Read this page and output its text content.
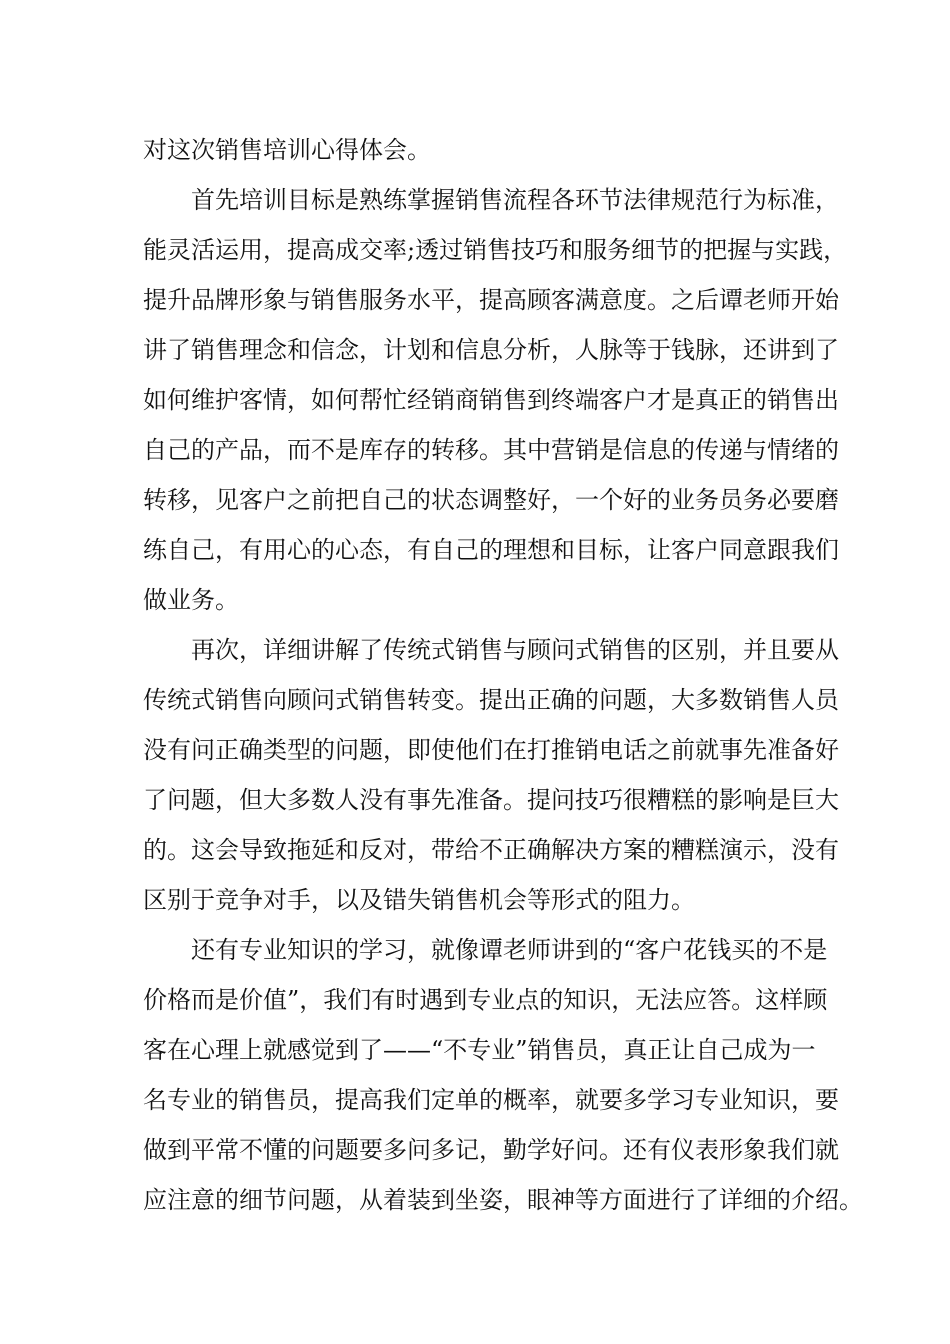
对这次销售培训心得体会。
　　首先培训目标是熟练掌握销售流程各环节法律规范行为标准，
能灵活运用，提高成交率;透过销售技巧和服务细节的把握与实践，
提升品牌形象与销售服务水平，提高顾客满意度。之后谭老师开始
讲了销售理念和信念，计划和信息分析，人脉等于钱脉，还讲到了
如何维护客情，如何帮忙经销商销售到终端客户才是真正的销售出
自己的产品，而不是库存的转移。其中营销是信息的传递与情绪的
转移，见客户之前把自己的状态调整好，一个好的业务员务必要磨
练自己，有用心的心态，有自己的理想和目标，让客户同意跟我们
做业务。
　　再次，详细讲解了传统式销售与顾问式销售的区别，并且要从
传统式销售向顾问式销售转变。提出正确的问题，大多数销售人员
没有问正确类型的问题，即使他们在打推销电话之前就事先准备好
了问题，但大多数人没有事先准备。提问技巧很糟糕的影响是巨大
的。这会导致拖延和反对，带给不正确解决方案的糟糕演示，没有
区别于竞争对手，以及错失销售机会等形式的阻力。
　　还有专业知识的学习，就像谭老师讲到的“客户花钱买的不是
价格而是价值”，我们有时遇到专业点的知识，无法应答。这样顾
客在心理上就感觉到了——“不专业”销售员，真正让自己成为一
名专业的销售员，提高我们定单的概率，就要多学习专业知识，要
做到平常不懂的问题要多问多记，勤学好问。还有仪表形象我们就
应注意的细节问题，从着装到坐姿，眼神等方面进行了详细的介绍。
